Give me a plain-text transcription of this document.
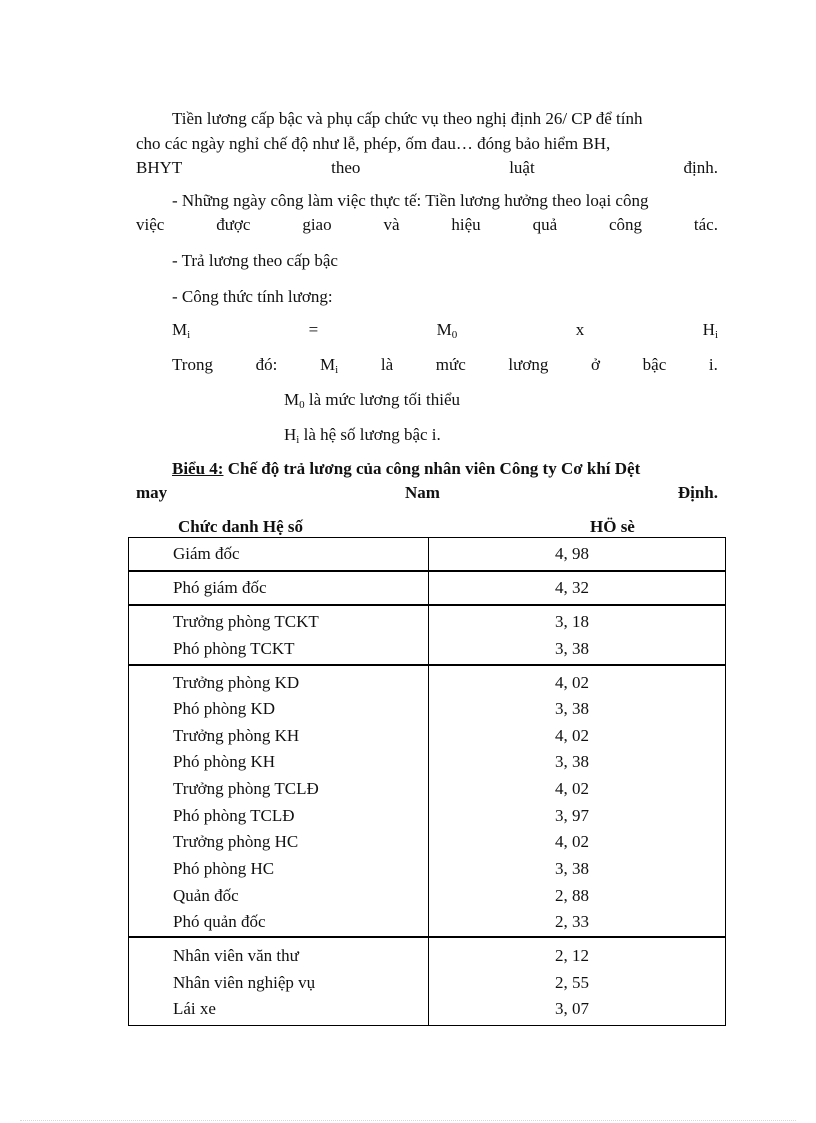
Tiền lương cấp bậc và phụ cấp chức vụ theo nghị định 26/ CP để tính
cho các ngày nghỉ chế độ như lễ, phép, ốm đau… đóng bảo hiểm BH,
BHYT	theo	luật	định.
- Những ngày công làm việc thực tế: Tiền lương hưởng theo loại công
việc	được	giao	và	hiệu	quả	công	tác.
- Trả lương theo cấp bậc
- Công thức tính lương:
$M_i$	=	$M_0$	x	$H_i$
Trong	đó:	$M_i$	là	mức	lương	ở	bậc	i.
$M_0$ là mức lương tối thiểu
$H_i$ là hệ số lương bậc i.
Biểu 4: Chế độ trả lương của công nhân viên Công ty Cơ khí Dệt
may	Nam	Định.
Chức danh Hệ số	HÖ sè
Giám đốc	4, 98
Phó giám đốc	4, 32
Trưởng phòng TCKT	3, 18
Phó phòng TCKT	3, 38
Trưởng phòng KD	4, 02
Phó phòng KD	3, 38
Trưởng phòng KH	4, 02
Phó phòng KH	3, 38
Trưởng phòng TCLĐ	4, 02
Phó phòng TCLĐ	3, 97
Trưởng phòng HC	4, 02
Phó phòng HC	3, 38
Quản đốc	2, 88
Phó quản đốc	2, 33
Nhân viên văn thư	2, 12
Nhân viên nghiệp vụ	2, 55
Lái xe	3, 07
